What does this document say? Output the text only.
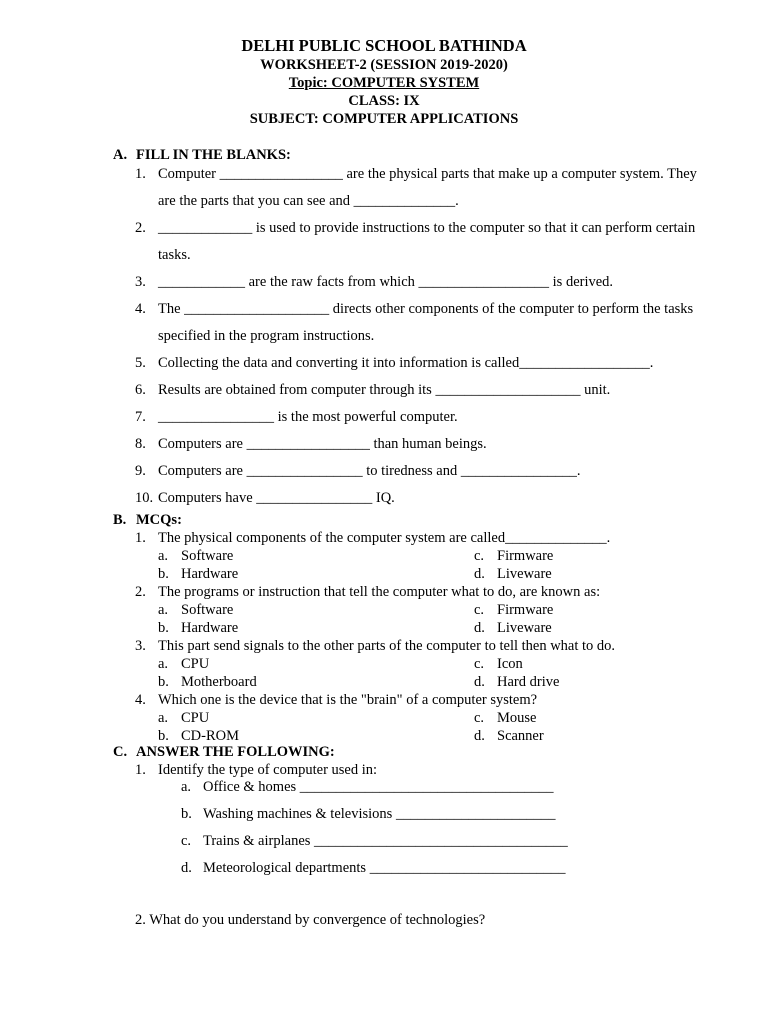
DELHI PUBLIC SCHOOL BATHINDA
WORKSHEET-2 (SESSION 2019-2020)
Topic: COMPUTER SYSTEM
CLASS: IX
SUBJECT: COMPUTER APPLICATIONS
A. FILL IN THE BLANKS:
1. Computer _________________ are the physical parts that make up a computer system. They are the parts that you can see and ______________.
2. _____________ is used to provide instructions to the computer so that it can perform certain tasks.
3. ____________ are the raw facts from which __________________ is derived.
4. The ____________________ directs other components of the computer to perform the tasks specified in the program instructions.
5. Collecting the data and converting it into information is called__________________.
6. Results are obtained from computer through its ____________________ unit.
7. ________________ is the most powerful computer.
8. Computers are _________________ than human beings.
9. Computers are ________________ to tiredness and ________________.
10. Computers have ________________ IQ.
B. MCQs:
1. The physical components of the computer system are called______________.
a. Software
b. Hardware
c. Firmware
d. Liveware
2. The programs or instruction that tell the computer what to do, are known as:
a. Software
b. Hardware
c. Firmware
d. Liveware
3. This part send signals to the other parts of the computer to tell then what to do.
a. CPU
b. Motherboard
c. Icon
d. Hard drive
4. Which one is the device that is the "brain" of a computer system?
a. CPU
b. CD-ROM
c. Mouse
d. Scanner
C. ANSWER THE FOLLOWING:
1. Identify the type of computer used in:
a. Office & homes ___________________________________
b. Washing machines & televisions ______________________
c. Trains & airplanes ___________________________________
d. Meteorological departments ___________________________
2. What do you understand by convergence of technologies?
